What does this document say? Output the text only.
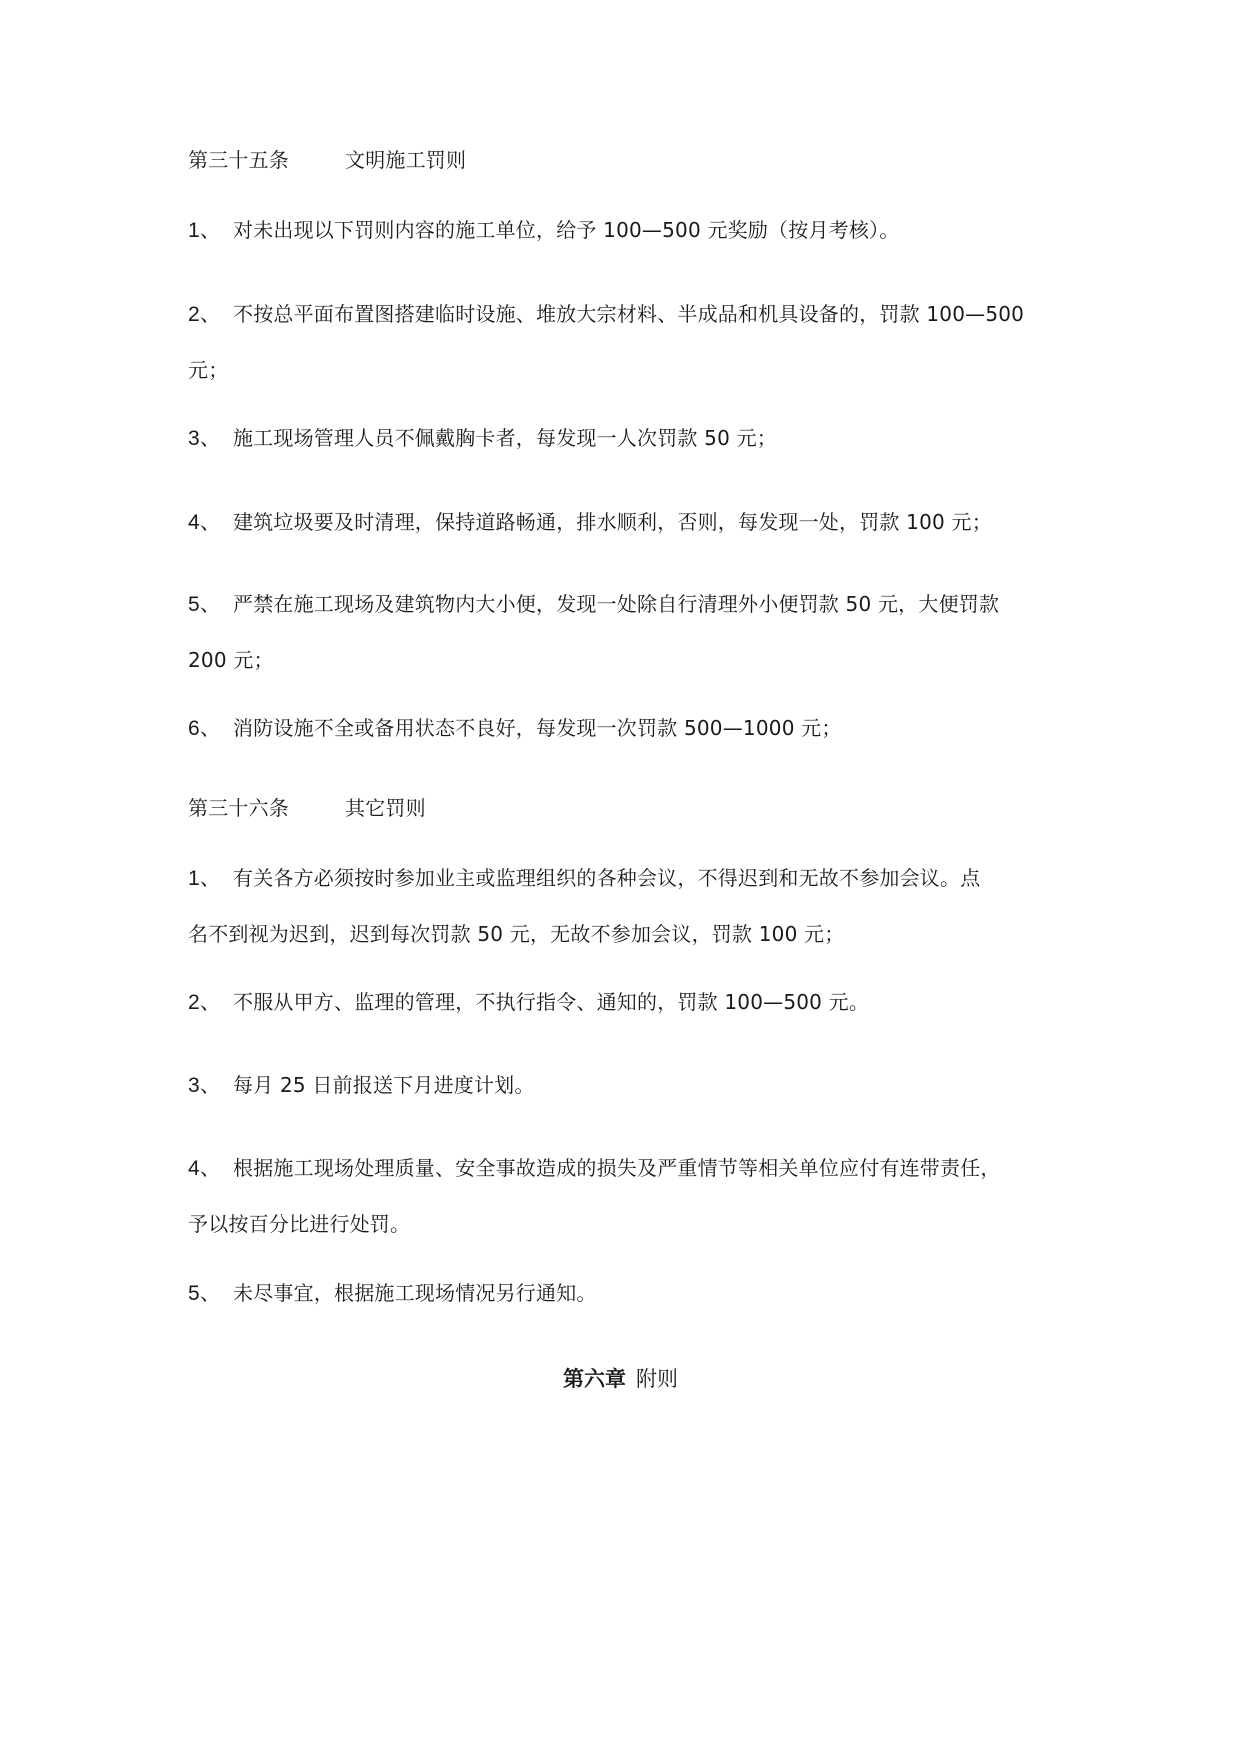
第三十五条	文明施工罚则
1、 对未出现以下罚则内容的施工单位，给予 100—500 元奖励（按月考核）。
2、 不按总平面布置图搭建临时设施、堆放大宗材料、半成品和机具设备的，罚款 100—500
元；
3、 施工现场管理人员不佩戴胸卡者，每发现一人次罚款 50 元；
4、 建筑垃圾要及时清理，保持道路畅通，排水顺利，否则，每发现一处，罚款 100 元；
5、 严禁在施工现场及建筑物内大小便，发现一处除自行清理外小便罚款 50 元，大便罚款
200 元；
6、 消防设施不全或备用状态不良好，每发现一次罚款 500—1000 元；
第三十六条	其它罚则
1、 有关各方必须按时参加业主或监理组织的各种会议，不得迟到和无故不参加会议。点
名不到视为迟到，迟到每次罚款 50 元，无故不参加会议，罚款 100 元；
2、 不服从甲方、监理的管理，不执行指令、通知的，罚款 100—500 元。
3、 每月 25 日前报送下月进度计划。
4、 根据施工现场处理质量、安全事故造成的损失及严重情节等相关单位应付有连带责任，
予以按百分比进行处罚。
5、 未尽事宜，根据施工现场情况另行通知。
第六章 附则
